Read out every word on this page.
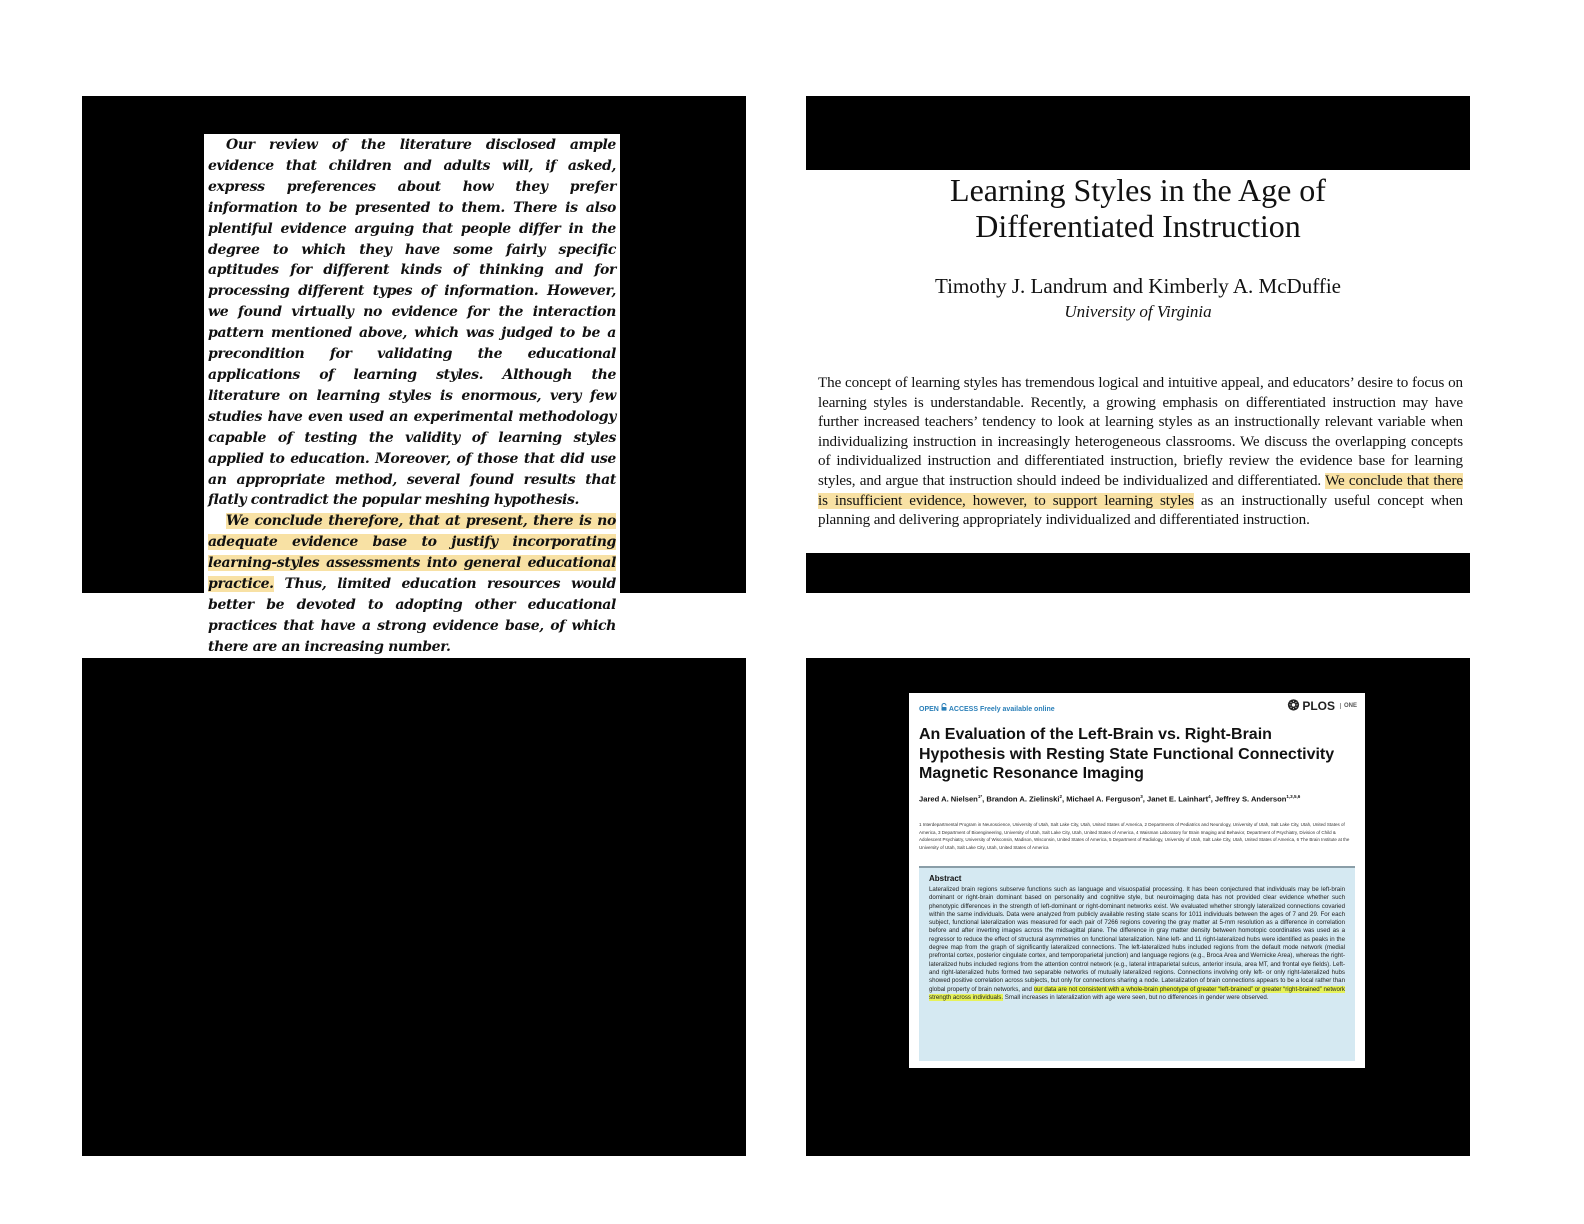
Our review of the literature disclosed ample evidence that children and adults will, if asked, express preferences about how they prefer information to be presented to them. There is also plentiful evidence arguing that people differ in the degree to which they have some fairly specific aptitudes for different kinds of thinking and for processing different types of information. However, we found virtually no evidence for the interaction pattern mentioned above, which was judged to be a precondition for validating the educational applications of learning styles. Although the literature on learning styles is enormous, very few studies have even used an experimental methodology capable of testing the validity of learning styles applied to education. Moreover, of those that did use an appropriate method, several found results that flatly contradict the popular meshing hypothesis.

We conclude therefore, that at present, there is no adequate evidence base to justify incorporating learning-styles assessments into general educational practice. Thus, limited education resources would better be devoted to adopting other educational practices that have a strong evidence base, of which there are an increasing number.

Learning Styles in the Age of
Differentiated Instruction
Timothy J. Landrum and Kimberly A. McDuffie
University of Virginia

The concept of learning styles has tremendous logical and intuitive appeal, and educators’ desire to focus on learning styles is understandable. Recently, a growing emphasis on differentiated instruction may have further increased teachers’ tendency to look at learning styles as an instructionally relevant variable when individualizing instruction in increasingly heterogeneous classrooms. We discuss the overlapping concepts of individualized instruction and differentiated instruction, briefly review the evidence base for learning styles, and argue that instruction should indeed be individualized and differentiated. We conclude that there is insufficient evidence, however, to support learning styles as an instructionally useful concept when planning and delivering appropriately individualized and differentiated instruction.

OPEN ACCESS Freely available online	❂ PLOS	ONE

An Evaluation of the Left-Brain vs. Right-Brain Hypothesis with Resting State Functional Connectivity Magnetic Resonance Imaging

Jared A. Nielsen$^{1*}$, Brandon A. Zielinski$^2$, Michael A. Ferguson$^3$, Janet E. Lainhart$^4$, Jeffrey S. Anderson$^{1,3,5,6}$

1 Interdepartmental Program in Neuroscience, University of Utah, Salt Lake City, Utah, United States of America, 2 Departments of Pediatrics and Neurology, University of Utah, Salt Lake City, Utah, United States of America, 3 Department of Bioengineering, University of Utah, Salt Lake City, Utah, United States of America, 4 Waisman Laboratory for Brain Imaging and Behavior, Department of Psychiatry, Division of Child & Adolescent Psychiatry, University of Wisconsin, Madison, Wisconsin, United States of America, 5 Department of Radiology, University of Utah, Salt Lake City, Utah, United States of America, 6 The Brain Institute at the University of Utah, Salt Lake City, Utah, United States of America

Abstract

Lateralized brain regions subserve functions such as language and visuospatial processing. It has been conjectured that individuals may be left-brain dominant or right-brain dominant based on personality and cognitive style, but neuroimaging data has not provided clear evidence whether such phenotypic differences in the strength of left-dominant or right-dominant networks exist. We evaluated whether strongly lateralized connections covaried within the same individuals. Data were analyzed from publicly available resting state scans for 1011 individuals between the ages of 7 and 29. For each subject, functional lateralization was measured for each pair of 7266 regions covering the gray matter at 5-mm resolution as a difference in correlation before and after inverting images across the midsagittal plane. The difference in gray matter density between homotopic coordinates was used as a regressor to reduce the effect of structural asymmetries on functional lateralization. Nine left- and 11 right-lateralized hubs were identified as peaks in the degree map from the graph of significantly lateralized connections. The left-lateralized hubs included regions from the default mode network (medial prefrontal cortex, posterior cingulate cortex, and temporoparietal junction) and language regions (e.g., Broca Area and Wernicke Area), whereas the right-lateralized hubs included regions from the attention control network (e.g., lateral intraparietal sulcus, anterior insula, area MT, and frontal eye fields). Left- and right-lateralized hubs formed two separable networks of mutually lateralized regions. Connections involving only left- or only right-lateralized hubs showed positive correlation across subjects, but only for connections sharing a node. Lateralization of brain connections appears to be a local rather than global property of brain networks, and our data are not consistent with a whole-brain phenotype of greater “left-brained” or greater “right-brained” network strength across individuals. Small increases in lateralization with age were seen, but no differences in gender were observed.
